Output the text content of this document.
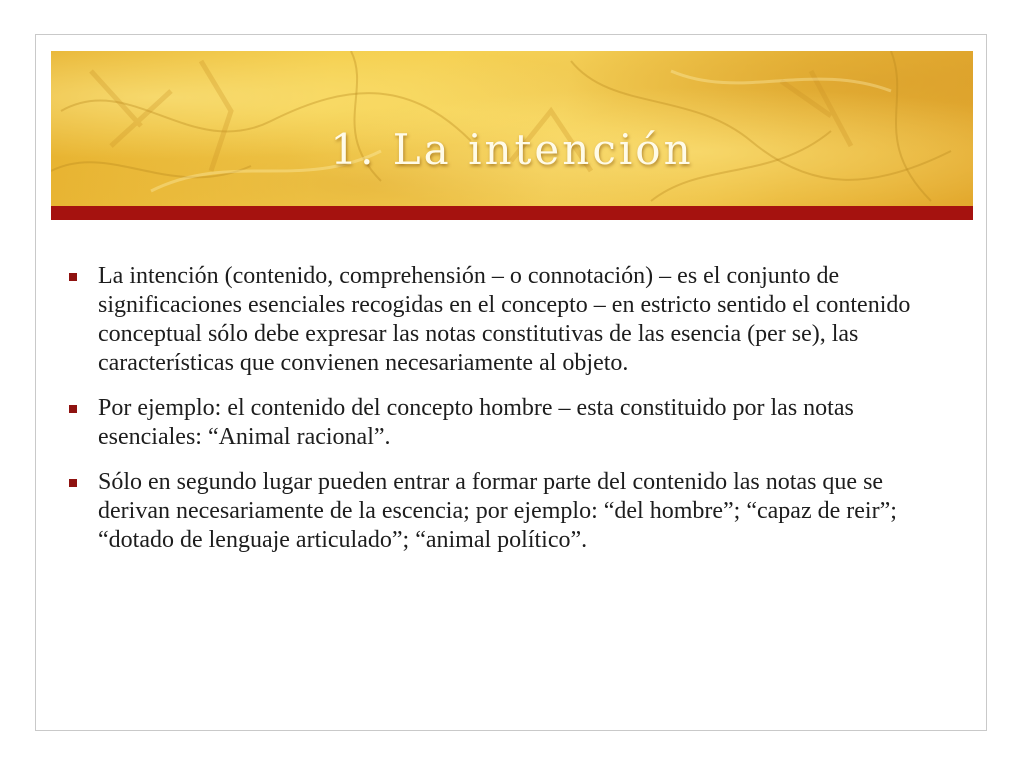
1. La intención
La intención (contenido, comprehensión – o connotación) – es el conjunto de significaciones esenciales recogidas en el concepto – en estricto sentido el contenido conceptual sólo debe expresar las notas constitutivas de las esencia (per se), las características que convienen necesariamente al objeto.
Por ejemplo: el contenido del concepto hombre – esta constituido por las notas esenciales: “Animal racional”.
Sólo en segundo lugar pueden entrar a formar parte del contenido las notas que se derivan necesariamente de la escencia; por ejemplo: “del hombre”; “capaz de reir”; “dotado de lenguaje articulado”; “animal político”.
